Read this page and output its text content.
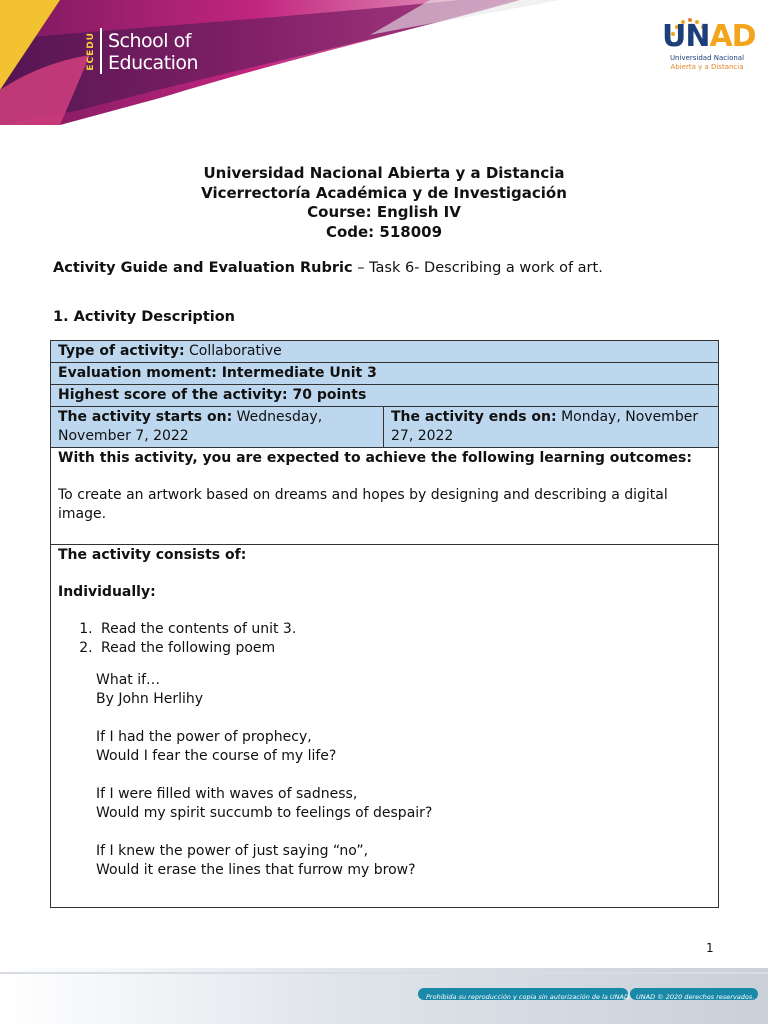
ECEDU School of
Education
UNAD
Universidad Nacional
Abierta y a Distancia
Universidad Nacional Abierta y a Distancia
Vicerrectoría Académica y de Investigación
Course: English IV
Code: 518009
Activity Guide and Evaluation Rubric – Task 6- Describing a work of art.
1. Activity Description
Type of activity: Collaborative
Evaluation moment: Intermediate Unit 3
Highest score of the activity: 70 points
The activity starts on: Wednesday, November 7, 2022	The activity ends on: Monday, November 27, 2022

With this activity, you are expected to achieve the following learning outcomes:
To create an artwork based on dreams and hopes by designing and describing a digital image.

The activity consists of:
Individually:
1. Read the contents of unit 3.
2. Read the following poem

What if…
By John Herlihy

If I had the power of prophecy,
Would I fear the course of my life?

If I were filled with waves of sadness,
Would my spirit succumb to feelings of despair?

If I knew the power of just saying “no”,
Would it erase the lines that furrow my brow?

1
Prohibida su reproducción y copia sin autorización de la UNAD. UNAD © 2020 derechos reservados.
